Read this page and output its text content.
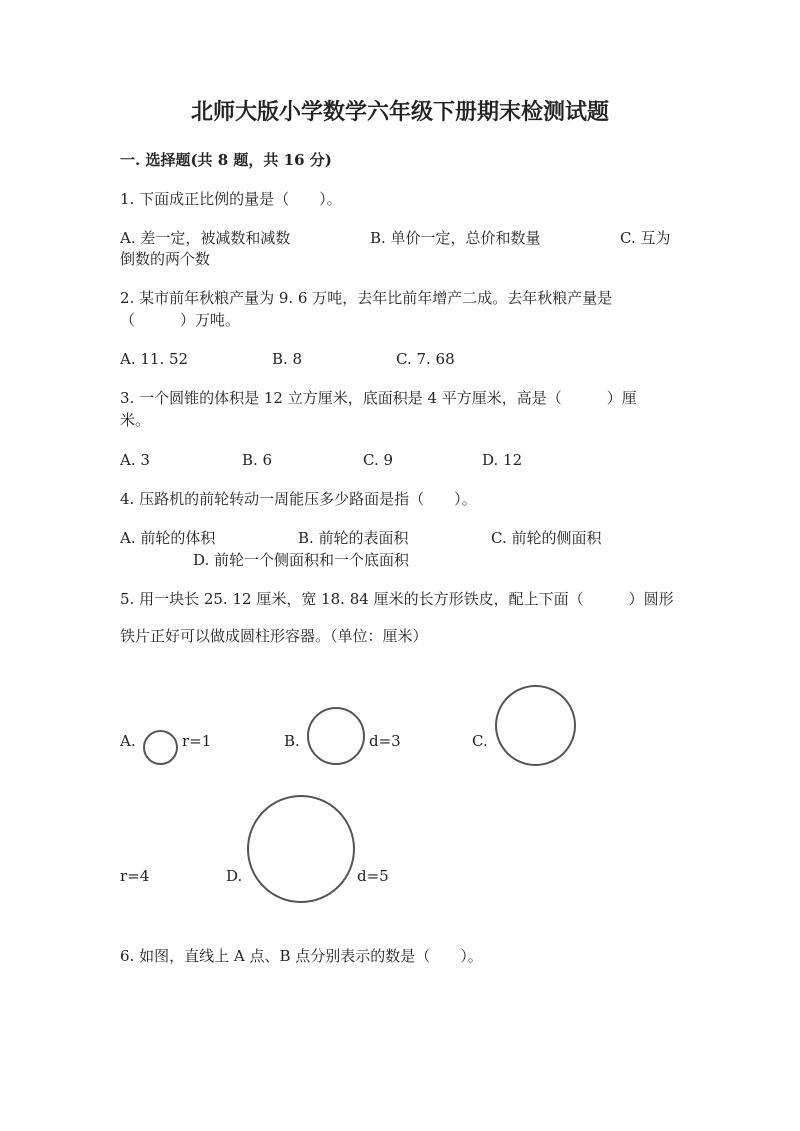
北师大版小学数学六年级下册期末检测试题
一. 选择题(共 8 题，共 16 分)
1. 下面成正比例的量是（　　）。
A. 差一定，被减数和减数	B. 单价一定，总价和数量	C. 互为
倒数的两个数
2. 某市前年秋粮产量为 9. 6 万吨，去年比前年增产二成。去年秋粮产量是
（　　　）万吨。
A. 11. 52	B. 8	C. 7. 68
3. 一个圆锥的体积是 12 立方厘米，底面积是 4 平方厘米，高是（　　　）厘
米。
A. 3	B. 6	C. 9	D. 12
4. 压路机的前轮转动一周能压多少路面是指（　　）。
A. 前轮的体积	B. 前轮的表面积	C. 前轮的侧面积
D. 前轮一个侧面积和一个底面积
5. 用一块长 25. 12 厘米，宽 18. 84 厘米的长方形铁皮，配上下面（　　　）圆形
铁片正好可以做成圆柱形容器。（单位：厘米）
A.	r=1	B.	d=3	C.
r=4	D.	d=5
6. 如图，直线上 A 点、B 点分别表示的数是（　　）。
